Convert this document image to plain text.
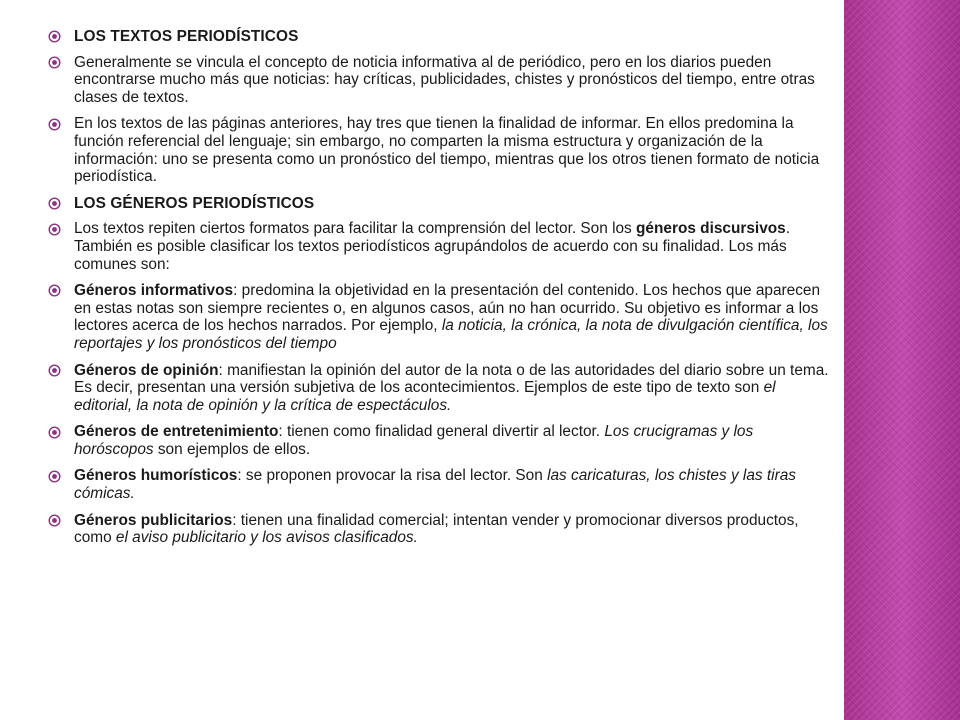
LOS TEXTOS PERIODÍSTICOS
Generalmente se vincula el concepto de noticia informativa al de periódico, pero en los diarios pueden encontrarse mucho más que noticias: hay críticas, publicidades, chistes y pronósticos del tiempo, entre otras clases de textos.
En los textos de las páginas anteriores, hay tres que tienen la finalidad de informar. En ellos predomina la función referencial del lenguaje; sin embargo, no comparten la misma estructura y organización de la información: uno se presenta como un pronóstico del tiempo, mientras que los otros tienen formato de noticia periodística.
LOS GÉNEROS PERIODÍSTICOS
Los textos repiten ciertos formatos para facilitar la comprensión del lector. Son los géneros discursivos. También es posible clasificar los textos periodísticos agrupándolos de acuerdo con su finalidad. Los más comunes son:
Géneros informativos: predomina la objetividad en la presentación del contenido. Los hechos que aparecen en estas notas son siempre recientes o, en algunos casos, aún no han ocurrido. Su objetivo es informar a los lectores acerca de los hechos narrados. Por ejemplo, la noticia, la crónica, la nota de divulgación científica, los reportajes y los pronósticos del tiempo
Géneros de opinión: manifiestan la opinión del autor de la nota o de las autoridades del diario sobre un tema. Es decir, presentan una versión subjetiva de los acontecimientos. Ejemplos de este tipo de texto son el editorial, la nota de opinión y la crítica de espectáculos.
Géneros de entretenimiento: tienen como finalidad general divertir al lector. Los crucigramas y los horóscopos son ejemplos de ellos.
Géneros humorísticos: se proponen provocar la risa del lector. Son las caricaturas, los chistes y las tiras cómicas.
Géneros publicitarios: tienen una finalidad comercial; intentan vender y promocionar diversos productos, como el aviso publicitario y los avisos clasificados.
